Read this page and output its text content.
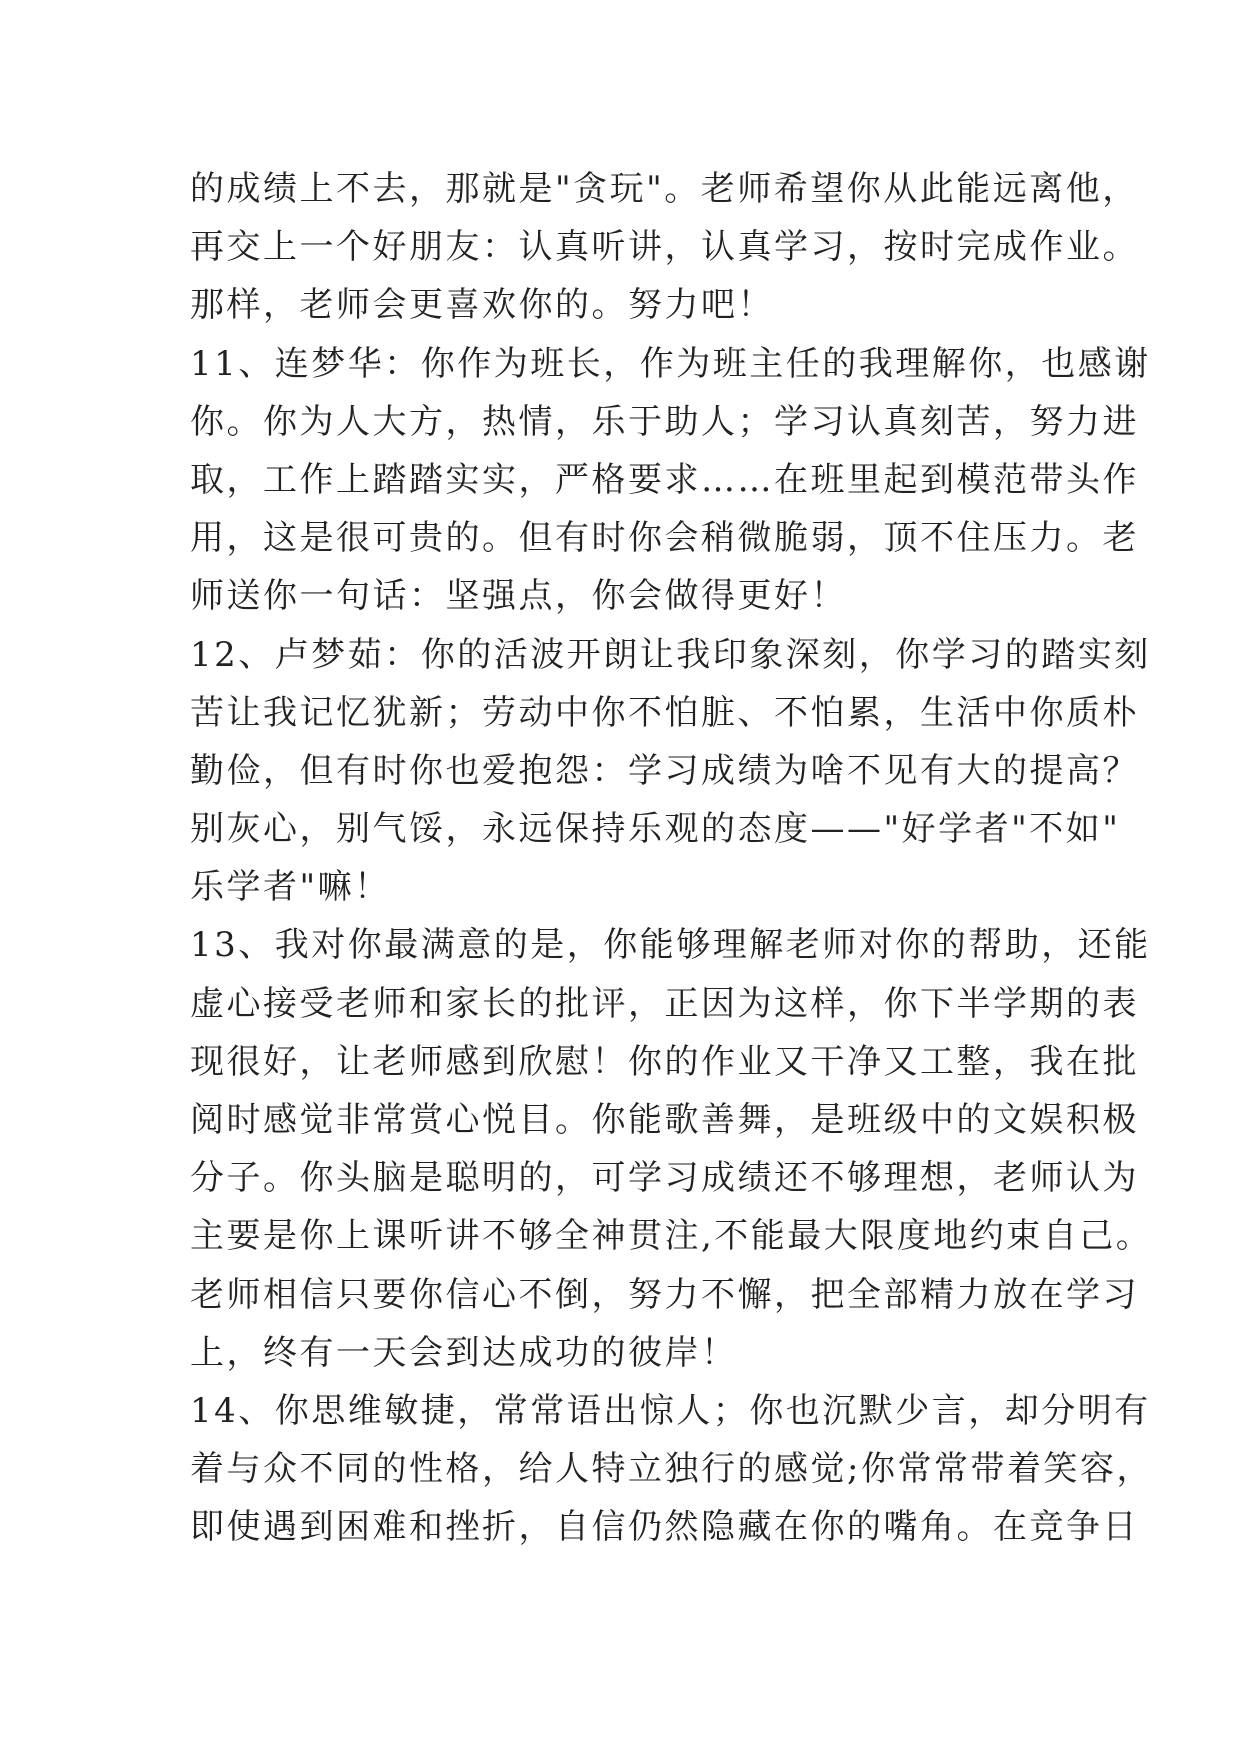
的成绩上不去，那就是"贪玩"。老师希望你从此能远离他，
再交上一个好朋友：认真听讲，认真学习，按时完成作业。
那样，老师会更喜欢你的。努力吧！
11、连梦华：你作为班长，作为班主任的我理解你，也感谢
你。你为人大方，热情，乐于助人；学习认真刻苦，努力进
取，工作上踏踏实实，严格要求……在班里起到模范带头作
用，这是很可贵的。但有时你会稍微脆弱，顶不住压力。老
师送你一句话：坚强点，你会做得更好！
12、卢梦茹：你的活波开朗让我印象深刻，你学习的踏实刻
苦让我记忆犹新；劳动中你不怕脏、不怕累，生活中你质朴
勤俭，但有时你也爱抱怨：学习成绩为啥不见有大的提高？
别灰心，别气馁，永远保持乐观的态度——"好学者"不如"
乐学者"嘛！
13、我对你最满意的是，你能够理解老师对你的帮助，还能
虚心接受老师和家长的批评，正因为这样，你下半学期的表
现很好，让老师感到欣慰！你的作业又干净又工整，我在批
阅时感觉非常赏心悦目。你能歌善舞，是班级中的文娱积极
分子。你头脑是聪明的，可学习成绩还不够理想，老师认为
主要是你上课听讲不够全神贯注,不能最大限度地约束自己。
老师相信只要你信心不倒，努力不懈，把全部精力放在学习
上，终有一天会到达成功的彼岸！
14、你思维敏捷，常常语出惊人；你也沉默少言，却分明有
着与众不同的性格，给人特立独行的感觉;你常常带着笑容，
即使遇到困难和挫折，自信仍然隐藏在你的嘴角。在竞争日
